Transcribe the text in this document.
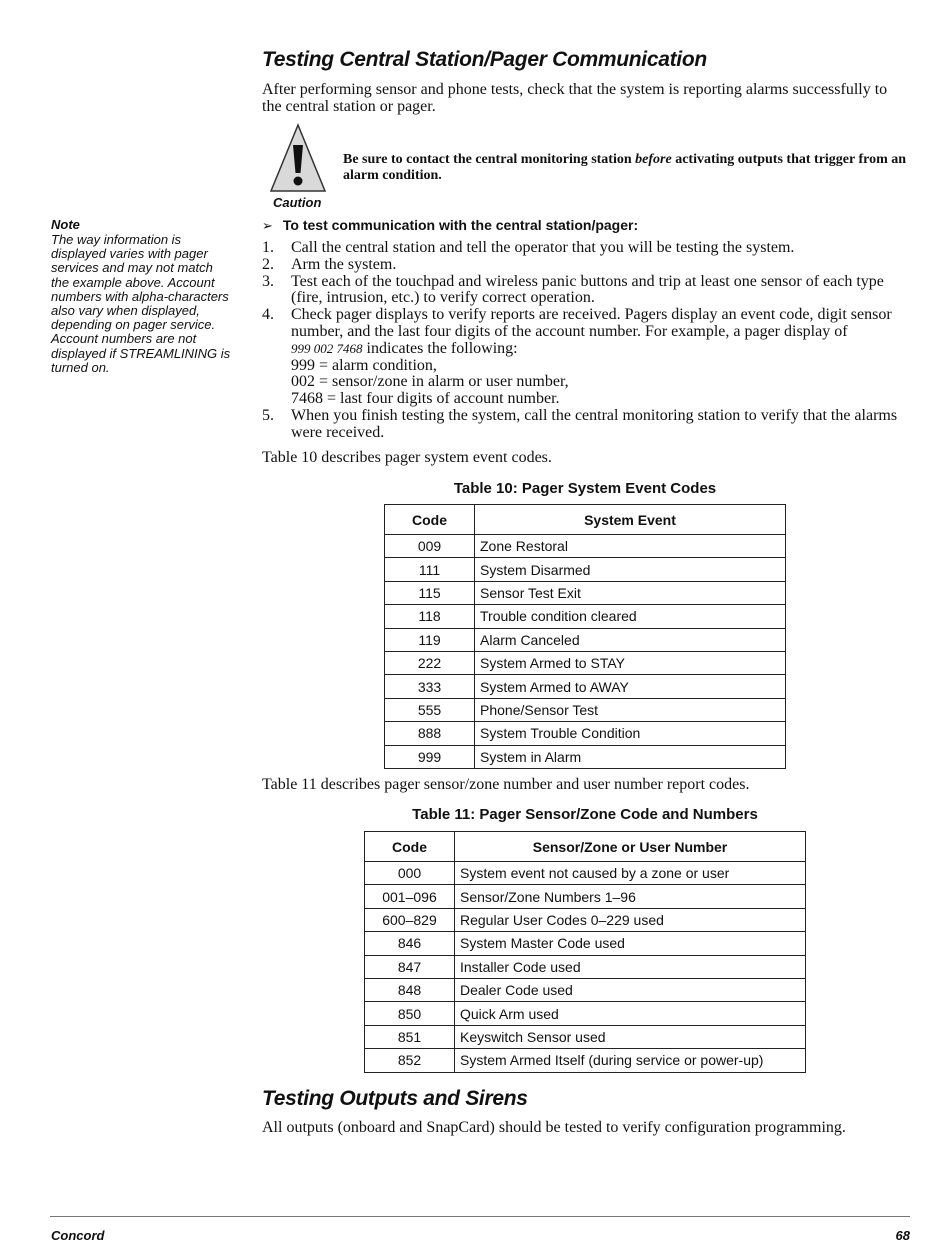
Testing Central Station/Pager Communication

After performing sensor and phone tests, check that the system is reporting alarms successfully to the central station or pager.

Caution

Be sure to contact the central monitoring station before activating outputs that trigger from an alarm condition.

Note

The way information is displayed varies with pager services and may not match the example above. Account numbers with alpha-characters also vary when displayed, depending on pager service. Account numbers are not displayed if STREAMLINING is turned on.

➢ To test communication with the central station/pager:
1. Call the central station and tell the operator that you will be testing the system.
2. Arm the system.
3. Test each of the touchpad and wireless panic buttons and trip at least one sensor of each type (fire, intrusion, etc.) to verify correct operation.
4. Check pager displays to verify reports are received. Pagers display an event code, digit sensor number, and the last four digits of the account number. For example, a pager display of
999 002 7468 indicates the following:
999 = alarm condition,
002 = sensor/zone in alarm or user number,
7468 = last four digits of account number.
5. When you finish testing the system, call the central monitoring station to verify that the alarms were received.

Table 10 describes pager system event codes.

Table 10: Pager System Event Codes
Code	System Event
009	Zone Restoral
111	System Disarmed
115	Sensor Test Exit
118	Trouble condition cleared
119	Alarm Canceled
222	System Armed to STAY
333	System Armed to AWAY
555	Phone/Sensor Test
888	System Trouble Condition
999	System in Alarm

Table 11 describes pager sensor/zone number and user number report codes.

Table 11: Pager Sensor/Zone Code and Numbers
Code	Sensor/Zone or User Number
000	System event not caused by a zone or user
001–096	Sensor/Zone Numbers 1–96
600–829	Regular User Codes 0–229 used
846	System Master Code used
847	Installer Code used
848	Dealer Code used
850	Quick Arm used
851	Keyswitch Sensor used
852	System Armed Itself (during service or power-up)
Testing Outputs and Sirens

All outputs (onboard and SnapCard) should be tested to verify configuration programming.

Concord	68
